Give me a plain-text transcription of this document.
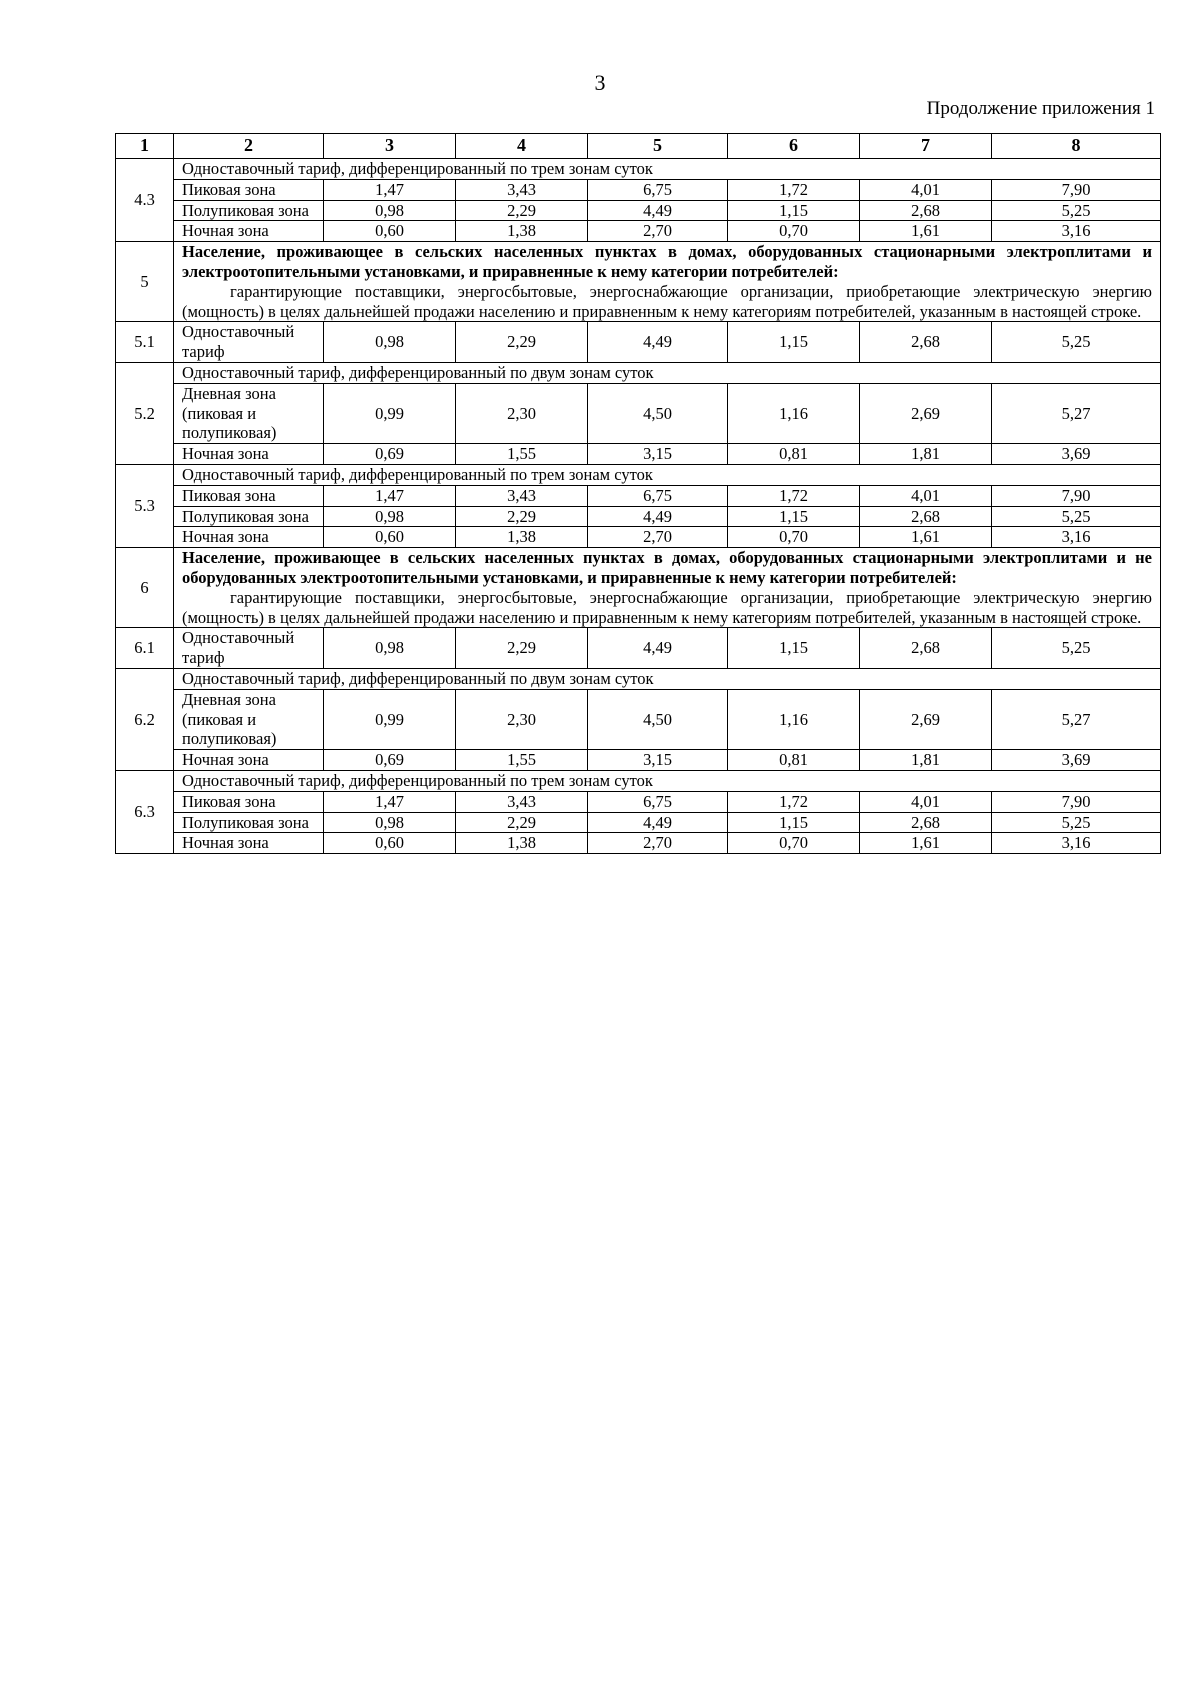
3
Продолжение приложения 1
1	2	3	4	5	6	7	8
4.3	Одноставочный тариф, дифференцированный по трем зонам суток						
	Пиковая зона	1,47	3,43	6,75	1,72	4,01	7,90
	Полупиковая зона	0,98	2,29	4,49	1,15	2,68	5,25
	Ночная зона	0,60	1,38	2,70	0,70	1,61	3,16
5	Население, проживающее в сельских населенных пунктах в домах, оборудованных стационарными электроплитами и электроотопительными установками, и приравненные к нему категории потребителей:
гарантирующие поставщики, энергосбытовые, энергоснабжающие организации, приобретающие электрическую энергию (мощность) в целях дальнейшей продажи населению и приравненным к нему категориям потребителей, указанным в настоящей строке.						

5.1	Одноставочный тариф	0,98	2,29	4,49	1,15	2,68	5,25
5.2	Одноставочный тариф, дифференцированный по двум зонам суток						
	Дневная зона (пиковая и полупиковая)	0,99	2,30	4,50	1,16	2,69	5,27
	Ночная зона	0,69	1,55	3,15	0,81	1,81	3,69
5.3	Одноставочный тариф, дифференцированный по трем зонам суток						
	Пиковая зона	1,47	3,43	6,75	1,72	4,01	7,90
	Полупиковая зона	0,98	2,29	4,49	1,15	2,68	5,25
	Ночная зона	0,60	1,38	2,70	0,70	1,61	3,16
6	Население, проживающее в сельских населенных пунктах в домах, оборудованных стационарными электроплитами и не оборудованных электроотопительными установками, и приравненные к нему категории потребителей:
гарантирующие поставщики, энергосбытовые, энергоснабжающие организации, приобретающие электрическую энергию (мощность) в целях дальнейшей продажи населению и приравненным к нему категориям потребителей, указанным в настоящей строке.						

6.1	Одноставочный тариф	0,98	2,29	4,49	1,15	2,68	5,25
6.2	Одноставочный тариф, дифференцированный по двум зонам суток						
	Дневная зона (пиковая и полупиковая)	0,99	2,30	4,50	1,16	2,69	5,27
	Ночная зона	0,69	1,55	3,15	0,81	1,81	3,69
6.3	Одноставочный тариф, дифференцированный по трем зонам суток						
	Пиковая зона	1,47	3,43	6,75	1,72	4,01	7,90
	Полупиковая зона	0,98	2,29	4,49	1,15	2,68	5,25
	Ночная зона	0,60	1,38	2,70	0,70	1,61	3,16
